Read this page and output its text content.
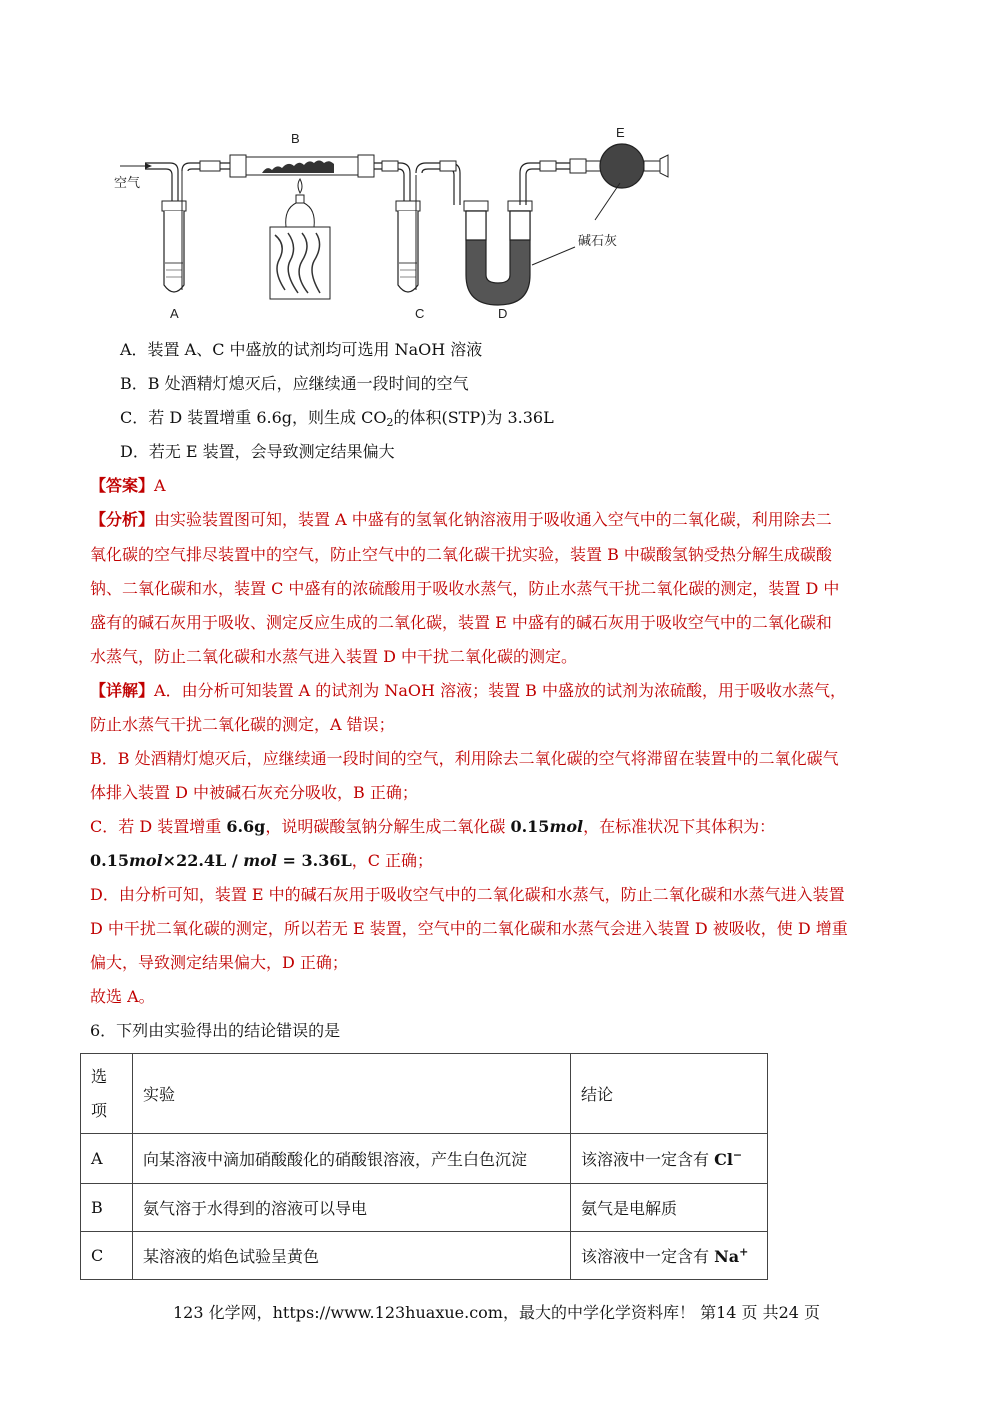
空气
A
B
C	D
E
碱石灰
A．装置 A、C 中盛放的试剂均可选用 NaOH 溶液
B．B 处酒精灯熄灭后，应继续通一段时间的空气
C．若 D 装置增重 6.6g，则生成 $CO_2$的体积(STP)为 3.36L
D．若无 E 装置，会导致测定结果偏大
【答案】A
【分析】由实验装置图可知，装置 A 中盛有的氢氧化钠溶液用于吸收通入空气中的二氧化碳，利用除去二
氧化碳的空气排尽装置中的空气，防止空气中的二氧化碳干扰实验，装置 B 中碳酸氢钠受热分解生成碳酸
钠、二氧化碳和水，装置 C 中盛有的浓硫酸用于吸收水蒸气，防止水蒸气干扰二氧化碳的测定，装置 D 中
盛有的碱石灰用于吸收、测定反应生成的二氧化碳，装置 E 中盛有的碱石灰用于吸收空气中的二氧化碳和
水蒸气，防止二氧化碳和水蒸气进入装置 D 中干扰二氧化碳的测定。
【详解】A．由分析可知装置 A 的试剂为 NaOH 溶液；装置 B 中盛放的试剂为浓硫酸，用于吸收水蒸气，
防止水蒸气干扰二氧化碳的测定，A 错误；
B．B 处酒精灯熄灭后，应继续通一段时间的空气，利用除去二氧化碳的空气将滞留在装置中的二氧化碳气
体排入装置 D 中被碱石灰充分吸收，B 正确；
C．若 D 装置增重 6.6g，说明碳酸氢钠分解生成二氧化碳 0.15mol，在标准状况下其体积为：
0.15mol×22.4L / mol = 3.36L，C 正确；
D．由分析可知，装置 E 中的碱石灰用于吸收空气中的二氧化碳和水蒸气，防止二氧化碳和水蒸气进入装置
D 中干扰二氧化碳的测定，所以若无 E 装置，空气中的二氧化碳和水蒸气会进入装置 D 被吸收，使 D 增重
偏大，导致测定结果偏大，D 正确；
故选 A。
6．下列由实验得出的结论错误的是
选
项	实验	结论
A	向某溶液中滴加硝酸酸化的硝酸银溶液，产生白色沉淀	该溶液中一定含有 Cl−
B	氨气溶于水得到的溶液可以导电	氨气是电解质
C	某溶液的焰色试验呈黄色	该溶液中一定含有 Na+
123 化学网，https://www.123huaxue.com，最大的中学化学资料库！ 第14 页 共24 页
